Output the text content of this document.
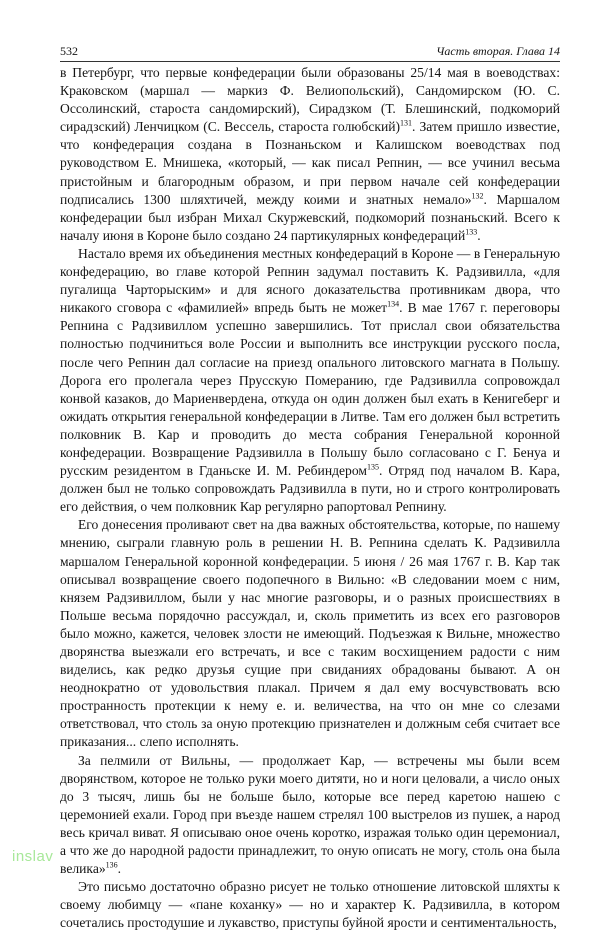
532	Часть вторая. Глава 14

в Петербург, что первые конфедерации были образованы 25/14 мая в воеводствах: Краковском (маршал — маркиз Ф. Велиопольский), Сандомирском (Ю. С. Оссолинский, староста сандомирский), Сирадзком (Т. Блешинский, подкоморий сирадзский) Ленчицком (С. Вессель, староста голюбский)$^{131}$. Затем пришло известие, что конфедерация создана в Познаньском и Калишском воеводствах под руководством Е. Мнишека, «который, — как писал Репнин, — все учинил весьма пристойным и благородным образом, и при первом начале сей конфедерации подписались 1300 шляхтичей, между коими и знатных немало»$^{132}$. Маршалом конфедерации был избран Михал Скуржевский, подкоморий познаньский. Всего к началу июня в Короне было создано 24 партикулярных конфедераций$^{133}$.

Настало время их объединения местных конфедераций в Короне — в Генеральную конфедерацию, во главе которой Репнин задумал поставить К. Радзивилла, «для пугалища Чарторыским» и для ясного доказательства противникам двора, что никакого сговора с «фамилией» впредь быть не может$^{134}$. В мае 1767 г. переговоры Репнина с Радзивиллом успешно завершились. Тот прислал свои обязательства полностью подчиниться воле России и выполнить все инструкции русского посла, после чего Репнин дал согласие на приезд опального литовского магната в Польшу. Дорога его пролегала через Прусскую Померанию, где Радзивилла сопровождал конвой казаков, до Мариенвердена, откуда он один должен был ехать в Кенигеберг и ожидать открытия генеральной конфедерации в Литве. Там его должен был встретить полковник В. Кар и проводить до места собрания Генеральной коронной конфедерации. Возвращение Радзивилла в Польшу было согласовано с Г. Бенуа и русским резидентом в Гданьске И. М. Ребиндером$^{135}$. Отряд под началом В. Кара, должен был не только сопровождать Радзивилла в пути, но и строго контролировать его действия, о чем полковник Кар регулярно рапортовал Репнину.

Его донесения проливают свет на два важных обстоятельства, которые, по нашему мнению, сыграли главную роль в решении Н. В. Репнина сделать К. Радзивилла маршалом Генеральной коронной конфедерации. 5 июня / 26 мая 1767 г. В. Кар так описывал возвращение своего подопечного в Вильно: «В следовании моем с ним, князем Радзивиллом, были у нас многие разговоры, и о разных происшествиях в Польше весьма порядочно рассуждал, и, сколь приметить из всех его разговоров было можно, кажется, человек злости не имеющий. Подъезжая к Вильне, множество дворянства выезжали его встречать, и все с таким восхищением радости с ним виделись, как редко друзья сущие при свиданиях обрадованы бывают. А он неоднократно от удовольствия плакал. Причем я дал ему восчувствовать всю пространность протекции к нему е. и. величества, на что он мне со слезами ответствовал, что столь за оную протекцию признателен и должным себя считает все приказания... слепо исполнять.

За пелмили от Вильны, — продолжает Кар, — встречены мы были всем дворянством, которое не только руки моего дитяти, но и ноги целовали, а число оных до 3 тысяч, лишь бы не больше было, которые все перед каретою нашею с церемонией ехали. Город при въезде нашем стрелял 100 выстрелов из пушек, а народ весь кричал виват. Я описываю оное очень коротко, изражая только один церемониал, а что же до народной радости принадлежит, то оную описать не могу, столь она была велика»$^{136}$.

Это письмо достаточно образно рисует не только отношение литовской шляхты к своему любимцу — «пане коханку» — но и характер К. Радзивилла, в котором сочетались простодушие и лукавство, приступы буйной ярости и сентиментальность,

inslav
